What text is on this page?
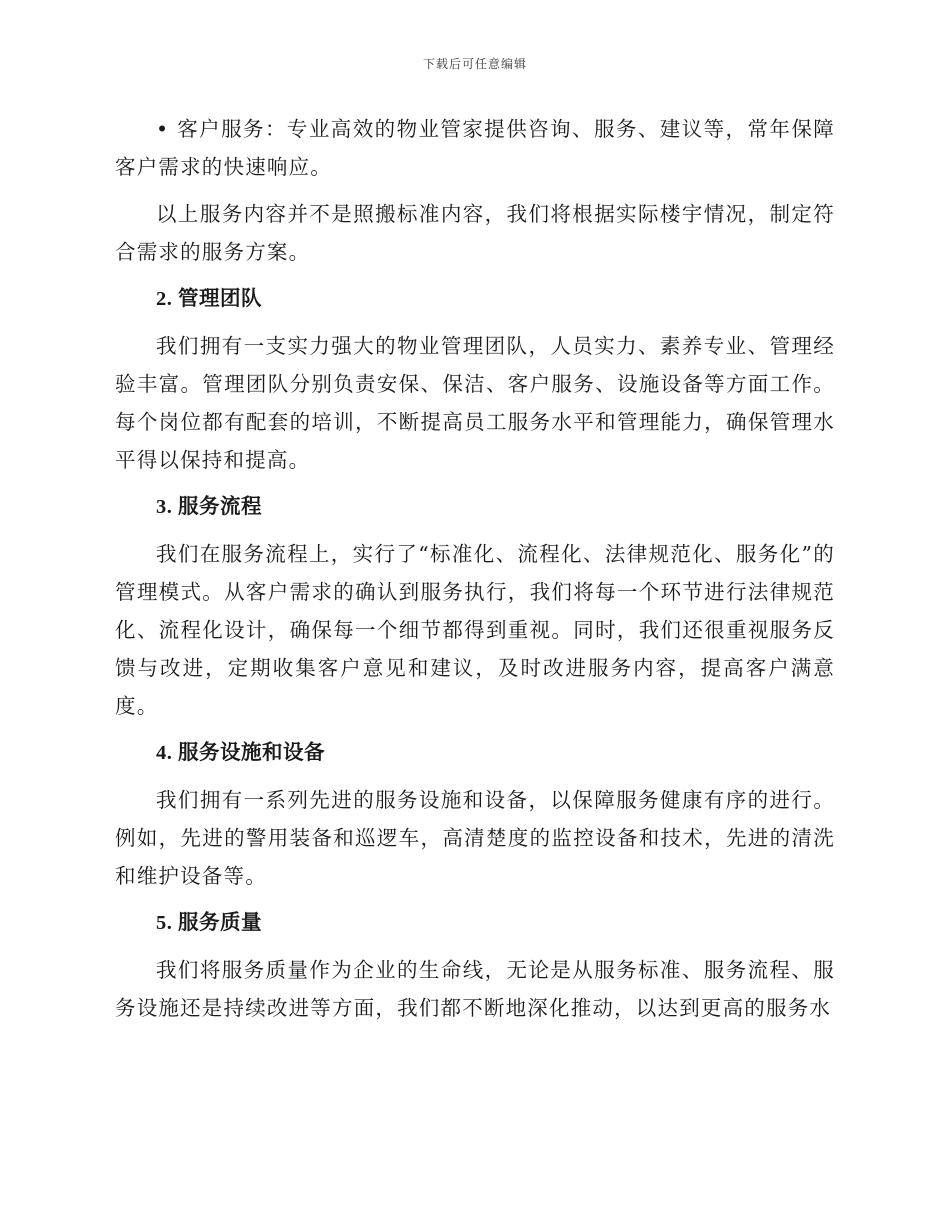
下载后可任意编辑

• 客户服务：专业高效的物业管家提供咨询、服务、建议等，常年保障客户需求的快速响应。

以上服务内容并不是照搬标准内容，我们将根据实际楼宇情况，制定符合需求的服务方案。

2. 管理团队

我们拥有一支实力强大的物业管理团队，人员实力、素养专业、管理经验丰富。管理团队分别负责安保、保洁、客户服务、设施设备等方面工作。每个岗位都有配套的培训，不断提高员工服务水平和管理能力，确保管理水平得以保持和提高。

3. 服务流程

我们在服务流程上，实行了“标准化、流程化、法律规范化、服务化”的管理模式。从客户需求的确认到服务执行，我们将每一个环节进行法律规范化、流程化设计，确保每一个细节都得到重视。同时，我们还很重视服务反馈与改进，定期收集客户意见和建议，及时改进服务内容，提高客户满意度。

4. 服务设施和设备

我们拥有一系列先进的服务设施和设备，以保障服务健康有序的进行。例如，先进的警用装备和巡逻车，高清楚度的监控设备和技术，先进的清洗和维护设备等。

5. 服务质量

我们将服务质量作为企业的生命线，无论是从服务标准、服务流程、服务设施还是持续改进等方面，我们都不断地深化推动，以达到更高的服务水
